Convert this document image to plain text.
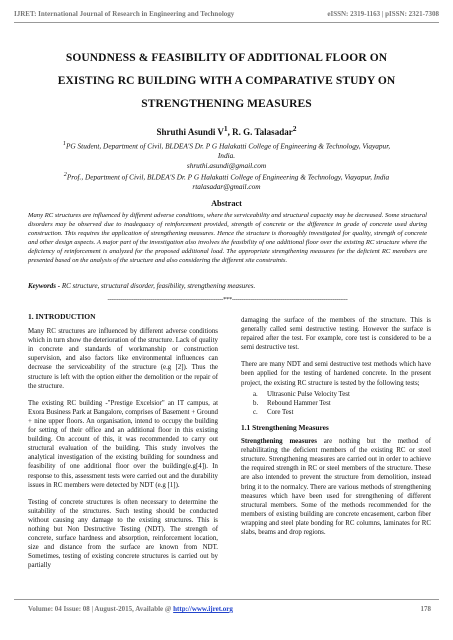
IJRET: International Journal of Research in Engineering and Technology	eISSN: 2319-1163 | pISSN: 2321-7308
SOUNDNESS & FEASIBILITY OF ADDITIONAL FLOOR ON
EXISTING RC BUILDING WITH A COMPARATIVE STUDY ON
STRENGTHENING MEASURES
Shruthi Asundi $V^1$, R. G. Talasadar$^2$
$^1$PG Student, Department of Civil, BLDEA'S Dr. P G Halakatti College of Engineering & Technology, Viayapur,
India.
shruthi.asundi@gmail.com
$^2$Prof., Department of Civil, BLDEA'S Dr. P G Halakatti College of Engineering & Technology, Viayapur, India
rtalasadar@gmail.com
Abstract
Many RC structures are influenced by different adverse conditions, where the serviceability and structural capacity may be decreased. Some structural disorders may be observed due to inadequacy of reinforcement provided, strength of concrete or the difference in grade of concrete used during construction. This requires the application of strengthening measures. Hence the structure is thoroughly investigated for quality, strength of concrete and other design aspects. A major part of the investigation also involves the feasibility of one additional floor over the existing RC structure where the deficiency of reinforcement is analyzed for the proposed additional load. The appropriate strengthening measures for the deficient RC members are presented based on the analysis of the structure and also considering the different site constraints.
Keywords - RC structure, structural disorder, feasibility, strengthening measures.
--------------------------------------------------------------***--------------------------------------------------------------
1. INTRODUCTION
Many RC structures are influenced by different adverse conditions which in turn show the deterioration of the structure. Lack of quality in concrete and standards of workmanship or construction supervision, and also factors like environmental influences can decrease the serviceability of the structure (e.g [2]). Thus the structure is left with the option either the demolition or the repair of the structure.
The existing RC building -"Prestige Excelsior" an IT campus, at Exora Business Park at Bangalore, comprises of Basement + Ground + nine upper floors. An organisation, intend to occupy the building for setting of their office and an additional floor in this existing building. On account of this, it was recommended to carry out structural evaluation of the building. This study involves the analytical investigation of the existing building for soundness and feasibility of one additional floor over the building(e.g[4]). In response to this, assessment tests were carried out and the durability issues in RC members were detected by NDT (e.g [1]).
Testing of concrete structures is often necessary to determine the suitability of the structures. Such testing should be conducted without causing any damage to the existing structures. This is nothing but Non Destructive Testing (NDT). The strength of concrete, surface hardness and absorption, reinforcement location, size and distance from the surface are known from NDT. Sometimes, testing of existing concrete structures is carried out by partially
damaging the surface of the members of the structure. This is generally called semi destructive testing. However the surface is repaired after the test. For example, core test is considered to be a semi destructive test.
There are many NDT and semi destructive test methods which have been applied for the testing of hardened concrete. In the present project, the existing RC structure is tested by the following tests;
a.	Ultrasonic Pulse Velocity Test
b.	Rebound Hammer Test
c.	Core Test
1.1 Strengthening Measures
Strengthening measures are nothing but the method of rehabilitating the deficient members of the existing RC or steel structure. Strengthening measures are carried out in order to achieve the required strength in RC or steel members of the structure. These are also intended to prevent the structure from demolition, instead bring it to the normalcy. There are various methods of strengthening measures which have been used for strengthening of different structural members. Some of the methods recommended for the members of existing building are concrete encasement, carbon fiber wrapping and steel plate bonding for RC columns, laminates for RC slabs, beams and drop regions.
Volume: 04 Issue: 08 | August-2015, Available @ http://www.ijret.org	178
